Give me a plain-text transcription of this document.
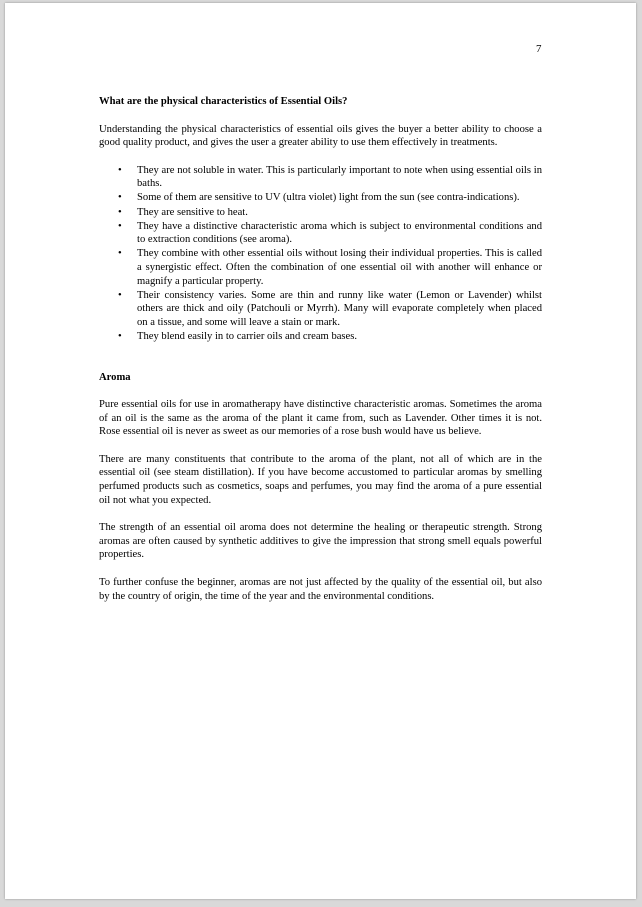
7
What are the physical characteristics of Essential Oils?

Understanding the physical characteristics of essential oils gives the buyer a better ability to choose a good quality product, and gives the user a greater ability to use them effectively in treatments.

• They are not soluble in water. This is particularly important to note when using essential oils in baths.
• Some of them are sensitive to UV (ultra violet) light from the sun (see contra-indications).
• They are sensitive to heat.
• They have a distinctive characteristic aroma which is subject to environmental conditions and to extraction conditions (see aroma).
• They combine with other essential oils without losing their individual properties. This is called a synergistic effect. Often the combination of one essential oil with another will enhance or magnify a particular property.
• Their consistency varies. Some are thin and runny like water (Lemon or Lavender) whilst others are thick and oily (Patchouli or Myrrh). Many will evaporate completely when placed on a tissue, and some will leave a stain or mark.
• They blend easily in to carrier oils and cream bases.
Aroma

Pure essential oils for use in aromatherapy have distinctive characteristic aromas. Sometimes the aroma of an oil is the same as the aroma of the plant it came from, such as Lavender. Other times it is not. Rose essential oil is never as sweet as our memories of a rose bush would have us believe.

There are many constituents that contribute to the aroma of the plant, not all of which are in the essential oil (see steam distillation). If you have become accustomed to particular aromas by smelling perfumed products such as cosmetics, soaps and perfumes, you may find the aroma of a pure essential oil not what you expected.

The strength of an essential oil aroma does not determine the healing or therapeutic strength. Strong aromas are often caused by synthetic additives to give the impression that strong smell equals powerful properties.

To further confuse the beginner, aromas are not just affected by the quality of the essential oil, but also by the country of origin, the time of the year and the environmental conditions.
